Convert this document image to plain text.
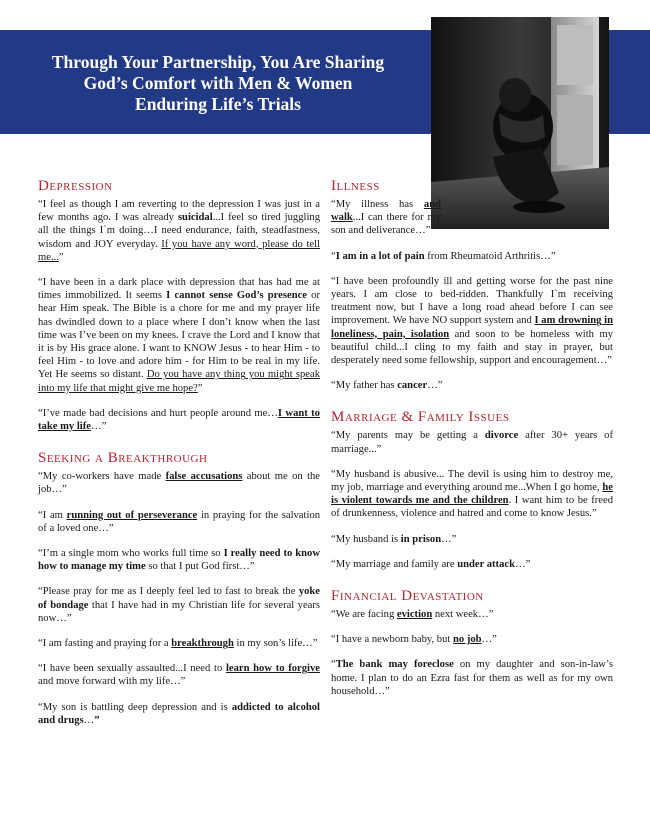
Through Your Partnership, You Are Sharing
God’s Comfort with Men & Women
Enduring Life’s Trials
Depression

“I feel as though I am reverting to the depression I was just in a few months ago. I was already suicidal...I feel so tired juggling all the things I`m doing…I need endurance, faith, steadfastness, wisdom and JOY everyday. If you have any word, please do tell me...”

“I have been in a dark place with depression that has had me at times immobilized. It seems I cannot sense God’s presence or hear Him speak. The Bible is a chore for me and my prayer life has dwindled down to a place where I don’t know when the last time was I’ve been on my knees. I crave the Lord and I know that it is by His grace alone. I want to KNOW Jesus - to hear Him - to feel Him - to love and adore him - for Him to be real in my life. Yet He seems so distant. Do you have any thing you might speak into my life that might give me hope?”

“I’ve made bad decisions and hurt people around me…I want to take my life…”

Seeking a Breakthrough

“My co-workers have made false accusations about me on the job…”

“I am running out of perseverance in praying for the salvation of a loved one…”

“I’m a single mom who works full time so I really need to know how to manage my time so that I put God first…”

“Please pray for me as I deeply feel led to fast to break the yoke of bondage that I have had in my Christian life for several years now…”

“I am fasting and praying for a breakthrough in my son’s life…”

“I have been sexually assaulted...I need to learn how to forgive and move forward with my life…”

“My son is battling deep depression and is addicted to alcohol and drugs…”

Illness

“My illness has and walk...I can there for my son and deliverance…”

“I am in a lot of pain from Rheumatoid Arthritis…”

“I have been profoundly ill and getting worse for the past nine years. I am close to bed-ridden. Thankfully I`m receiving treatment now, but I have a long road ahead before I can see improvement. We have NO support system and I am drowning in loneliness, pain, isolation and soon to be homeless with my beautiful child...I cling to my faith and stay in prayer, but desperately need some fellowship, support and encouragement…”

“My father has cancer…”

Marriage & Family Issues

“My parents may be getting a divorce after 30+ years of marriage...”

“My husband is abusive... The devil is using him to destroy me, my job, marriage and everything around me...When I go home, he is violent towards me and the children. I want him to be freed of drunkenness, violence and hatred and come to know Jesus.”

“My husband is in prison…”

“My marriage and family are under attack…”

Financial Devastation

“We are facing eviction next week…”

“I have a newborn baby, but no job…”

“The bank may foreclose on my daughter and son-in-law’s home. I plan to do an Ezra fast for them as well as for my own household…”
